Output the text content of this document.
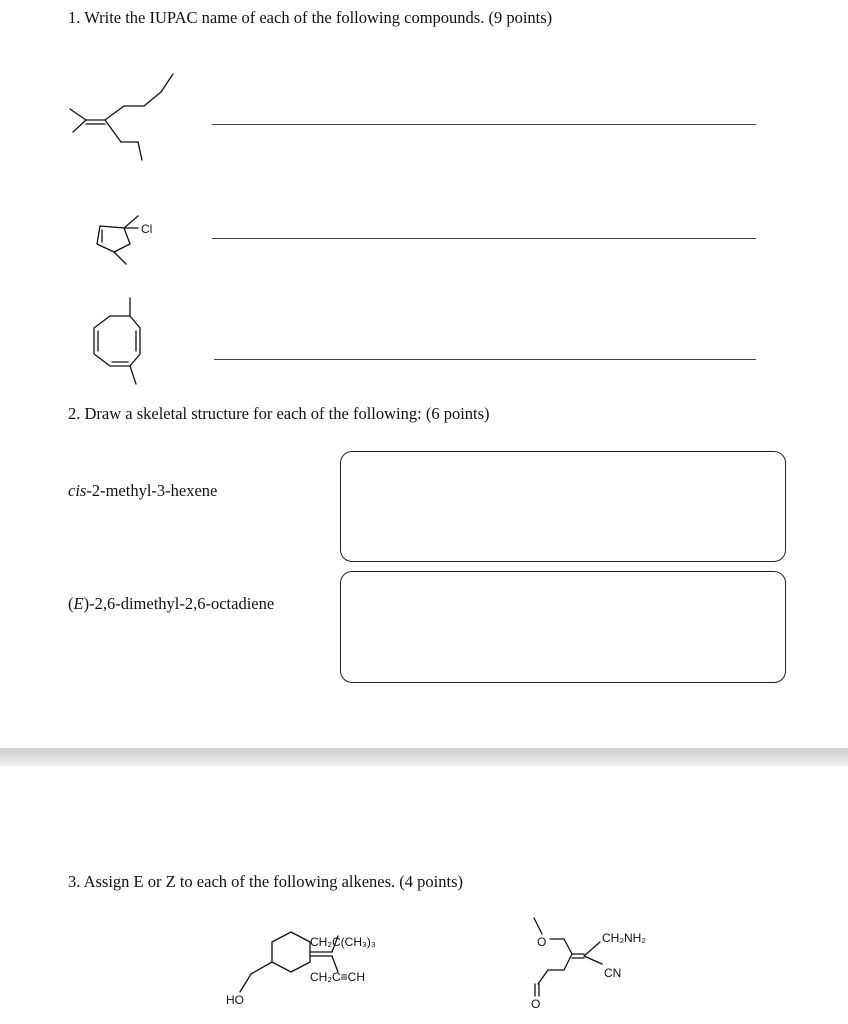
1. Write the IUPAC name of each of the following compounds. (9 points)
Cl
2. Draw a skeletal structure for each of the following: (6 points)
cis-2-methyl-3-hexene
(E)-2,6-dimethyl-2,6-octadiene
3. Assign E or Z to each of the following alkenes. (4 points)
CH₂C(CH₃)₃
CH₂C≡CH
HO
O
O
CH₂NH₂
CN
